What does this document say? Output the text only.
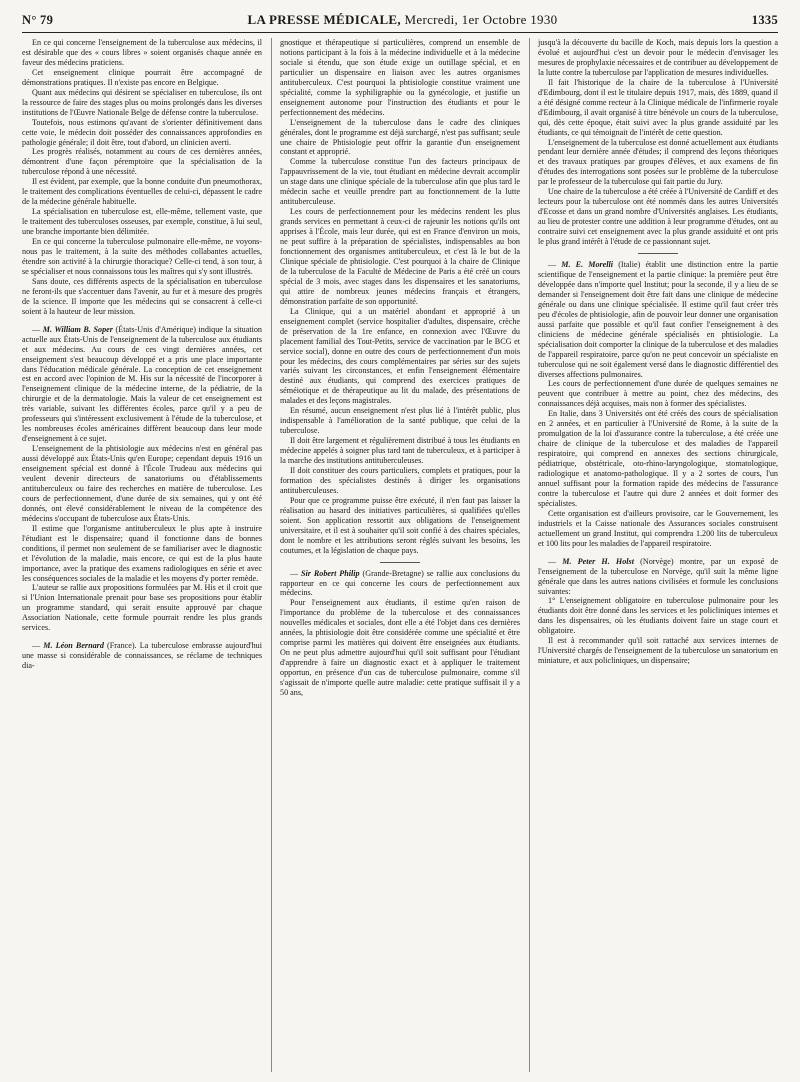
N° 79	LA PRESSE MÉDICALE, Mercredi, 1er Octobre 1930	1335

En ce qui concerne l'enseignement de la tuberculose aux médecins, il est désirable que des « cours libres » soient organisés chaque année en faveur des médecins praticiens.

Cet enseignement clinique pourrait être accompagné de démonstrations pratiques. Il n'existe pas encore en Belgique.

Quant aux médecins qui désirent se spécialiser en tuberculose, ils ont la ressource de faire des stages plus ou moins prolongés dans les diverses institutions de l'Œuvre Nationale Belge de défense contre la tuberculose.

Toutefois, nous estimons qu'avant de s'orienter définitivement dans cette voie, le médecin doit posséder des connaissances approfondies en pathologie générale; il doit être, tout d'abord, un clinicien averti.

Les progrès réalisés, notamment au cours de ces dernières années, démontrent d'une façon péremptoire que la spécialisation de la tuberculose répond à une nécessité.

Il est évident, par exemple, que la bonne conduite d'un pneumothorax, le traitement des complications éventuelles de celui-ci, dépassent le cadre de la médecine générale habituelle.

La spécialisation en tuberculose est, elle-même, tellement vaste, que le traitement des tuberculoses osseuses, par exemple, constitue, à lui seul, une branche importante bien délimitée.

En ce qui concerne la tuberculose pulmonaire elle-même, ne voyons-nous pas le traitement, à la suite des méthodes collabantes actuelles, étendre son activité à la chirurgie thoracique? Celle-ci tend, à son tour, à se spécialiser et nous connaissons tous les maîtres qui s'y sont illustrés.

Sans doute, ces différents aspects de la spécialisation en tuberculose ne feront-ils que s'accentuer dans l'avenir, au fur et à mesure des progrès de la science. Il importe que les médecins qui se consacrent à celle-ci soient à la hauteur de leur mission.

— M. William B. Soper (États-Unis d'Amérique) indique la situation actuelle aux États-Unis de l'enseignement de la tuberculose aux étudiants et aux médecins. Au cours de ces vingt dernières années, cet enseignement s'est beaucoup développé et a pris une place importante dans l'éducation médicale générale. La conception de cet enseignement est en accord avec l'opinion de M. His sur la nécessité de l'incorporer à l'enseignement clinique de la médecine interne, de la pédiatrie, de la chirurgie et de la dermatologie. Mais la valeur de cet enseignement est très variable, suivant les différentes écoles, parce qu'il y a peu de professeurs qui s'intéressent exclusivement à l'étude de la tuberculose, et les nombreuses écoles américaines diffèrent beaucoup dans leur mode d'enseignement à ce sujet.

L'enseignement de la phtisiologie aux médecins n'est en général pas aussi développé aux États-Unis qu'en Europe; cependant depuis 1916 un enseignement spécial est donné à l'École Trudeau aux médecins qui veulent devenir directeurs de sanatoriums ou d'établissements antituberculeux ou faire des recherches en matière de tuberculose. Les cours de perfectionnement, d'une durée de six semaines, qui y ont été donnés, ont élevé considérablement le niveau de la compétence des médecins s'occupant de tuberculose aux États-Unis.

Il estime que l'organisme antituberculeux le plus apte à instruire l'étudiant est le dispensaire; quand il fonctionne dans de bonnes conditions, il permet non seulement de se familiariser avec le diagnostic et l'évolution de la maladie, mais encore, ce qui est de la plus haute importance, avec la pratique des examens radiologiques en série et avec les conséquences sociales de la maladie et les moyens d'y porter remède.

L'auteur se rallie aux propositions formulées par M. His et il croit que si l'Union Internationale prenait pour base ses propositions pour établir un programme standard, qui serait ensuite approuvé par chaque Association Nationale, cette formule pourrait rendre les plus grands services.

— M. Léon Bernard (France). La tuberculose embrasse aujourd'hui une masse si considérable de connaissances, se réclame de techniques dia-

gnostique et thérapeutique si particulières, comprend un ensemble de notions participant à la fois à la médecine individuelle et à la médecine sociale si étendu, que son étude exige un outillage spécial, et en particulier un dispensaire en liaison avec les autres organismes antituberculeux. C'est pourquoi la phtisiologie constitue vraiment une spécialité, comme la syphiligraphie ou la gynécologie, et justifie un enseignement autonome pour l'instruction des étudiants et pour le perfectionnement des médecins.

L'enseignement de la tuberculose dans le cadre des cliniques générales, dont le programme est déjà surchargé, n'est pas suffisant; seule une chaire de Phtisiologie peut offrir la garantie d'un enseignement constant et approprié.

Comme la tuberculose constitue l'un des facteurs principaux de l'appauvrissement de la vie, tout étudiant en médecine devrait accomplir un stage dans une clinique spéciale de la tuberculose afin que plus tard le médecin sache et veuille prendre part au fonctionnement de la lutte antituberculeuse.

Les cours de perfectionnement pour les médecins rendent les plus grands services en permettant à ceux-ci de rajeunir les notions qu'ils ont apprises à l'École, mais leur durée, qui est en France d'environ un mois, ne peut suffire à la préparation de spécialistes, indispensables au bon fonctionnement des organismes antituberculeux, et c'est là le but de la Clinique spéciale de phtisiologie. C'est pourquoi à la chaire de Clinique de la tuberculose de la Faculté de Médecine de Paris a été créé un cours spécial de 3 mois, avec stages dans les dispensaires et les sanatoriums, qui attire de nombreux jeunes médecins français et étrangers, démonstration parfaite de son opportunité.

La Clinique, qui a un matériel abondant et approprié à un enseignement complet (service hospitalier d'adultes, dispensaire, crèche de préservation de la 1re enfance, en connexion avec l'Œuvre du placement familial des Tout-Petits, service de vaccination par le BCG et service social), donne en outre des cours de perfectionnement d'un mois pour les médecins, des cours complémentaires par séries sur des sujets variés suivant les circonstances, et enfin l'enseignement élémentaire destiné aux étudiants, qui comprend des exercices pratiques de séméiotique et de thérapeutique au lit du malade, des présentations de malades et des leçons magistrales.

En résumé, aucun enseignement n'est plus lié à l'intérêt public, plus indispensable à l'amélioration de la santé publique, que celui de la tuberculose.

Il doit être largement et régulièrement distribué à tous les étudiants en médecine appelés à soigner plus tard tant de tuberculeux, et à participer à la marche des institutions antituberculeuses.

Il doit constituer des cours particuliers, complets et pratiques, pour la formation des spécialistes destinés à diriger les organisations antituberculeuses.

Pour que ce programme puisse être exécuté, il n'en faut pas laisser la réalisation au hasard des initiatives particulières, si qualifiées qu'elles soient. Son application ressortit aux obligations de l'enseignement universitaire, et il est à souhaiter qu'il soit confié à des chaires spéciales, dont le nombre et les attributions seront réglés suivant les besoins, les coutumes, et la législation de chaque pays.

— Sir Robert Philip (Grande-Bretagne) se rallie aux conclusions du rapporteur en ce qui concerne les cours de perfectionnement aux médecins.

Pour l'enseignement aux étudiants, il estime qu'en raison de l'importance du problème de la tuberculose et des connaissances nouvelles médicales et sociales, dont elle a été l'objet dans ces dernières années, la phtisiologie doit être considérée comme une spécialité et être comprise parmi les matières qui doivent être enseignées aux étudiants. On ne peut plus admettre aujourd'hui qu'il soit suffisant pour l'étudiant d'apprendre à faire un diagnostic exact et à appliquer le traitement opportun, en présence d'un cas de tuberculose pulmonaire, comme s'il s'agissait de n'importe quelle autre maladie: cette pratique suffisait il y a 50 ans,

jusqu'à la découverte du bacille de Koch, mais depuis lors la question a évolué et aujourd'hui c'est un devoir pour le médecin d'envisager les mesures de prophylaxie nécessaires et de contribuer au développement de la lutte contre la tuberculose par l'application de mesures individuelles.

Il fait l'historique de la chaire de la tuberculose à l'Université d'Edimbourg, dont il est le titulaire depuis 1917, mais, dès 1889, quand il a été désigné comme recteur à la Clinique médicale de l'infirmerie royale d'Edimbourg, il avait organisé à titre bénévole un cours de la tuberculose, qui, dès cette époque, était suivi avec la plus grande assiduité par les étudiants, ce qui témoignait de l'intérêt de cette question.

L'enseignement de la tuberculose est donné actuellement aux étudiants pendant leur dernière année d'études; il comprend des leçons théoriques et des travaux pratiques par groupes d'élèves, et aux examens de fin d'études des interrogations sont posées sur le problème de la tuberculose par le professeur de la tuberculose qui fait partie du Jury.

Une chaire de la tuberculose a été créée à l'Université de Cardiff et des lecteurs pour la tuberculose ont été nommés dans les autres Universités d'Ecosse et dans un grand nombre d'Universités anglaises. Les étudiants, au lieu de protester contre une addition à leur programme d'études, ont au contraire suivi cet enseignement avec la plus grande assiduité et ont pris le plus grand intérêt à l'étude de ce passionnant sujet.

— M. E. Morelli (Italie) établit une distinction entre la partie scientifique de l'enseignement et la partie clinique: la première peut être développée dans n'importe quel Institut; pour la seconde, il y a lieu de se demander si l'enseignement doit être fait dans une clinique de médecine générale ou dans une clinique spécialisée. Il estime qu'il faut créer très peu d'écoles de phtisiologie, afin de pouvoir leur donner une organisation aussi parfaite que possible et qu'il faut confier l'enseignement à des cliniciens de médecine générale spécialisés en phtisiologie. La spécialisation doit comporter la clinique de la tuberculose et des maladies de l'appareil respiratoire, parce qu'on ne peut concevoir un spécialiste en tuberculose qui ne soit également versé dans le diagnostic différentiel des diverses affections pulmonaires.

Les cours de perfectionnement d'une durée de quelques semaines ne peuvent que contribuer à mettre au point, chez des médecins, des connaissances déjà acquises, mais non à former des spécialistes.

En Italie, dans 3 Universités ont été créés des cours de spécialisation en 2 années, et en particulier à l'Université de Rome, à la suite de la promulgation de la loi d'assurance contre la tuberculose, a été créée une chaire de clinique de la tuberculose et des maladies de l'appareil respiratoire, qui comprend en annexes des sections chirurgicale, pédiatrique, obstétricale, oto-rhino-laryngologique, stomatologique, radiologique et anatomo-pathologique. Il y a 2 sortes de cours, l'un annuel suffisant pour la formation rapide des médecins de l'assurance contre la tuberculose et l'autre qui dure 2 années et doit former des spécialistes.

Cette organisation est d'ailleurs provisoire, car le Gouvernement, les industriels et la Caisse nationale des Assurances sociales construisent actuellement un grand Institut, qui comprendra 1.200 lits de tuberculeux et 100 lits pour les maladies de l'appareil respiratoire.

— M. Peter H. Holst (Norvège) montre, par un exposé de l'enseignement de la tuberculose en Norvège, qu'il suit la même ligne générale que dans les autres nations civilisées et formule les conclusions suivantes:

1° L'enseignement obligatoire en tuberculose pulmonaire pour les étudiants doit être donné dans les services et les policliniques internes et dans les dispensaires, où les étudiants doivent faire un stage court et obligatoire.

Il est à recommander qu'il soit rattaché aux services internes de l'Université chargés de l'enseignement de la tuberculose un sanatorium en miniature, et aux policliniques, un dispensaire;
